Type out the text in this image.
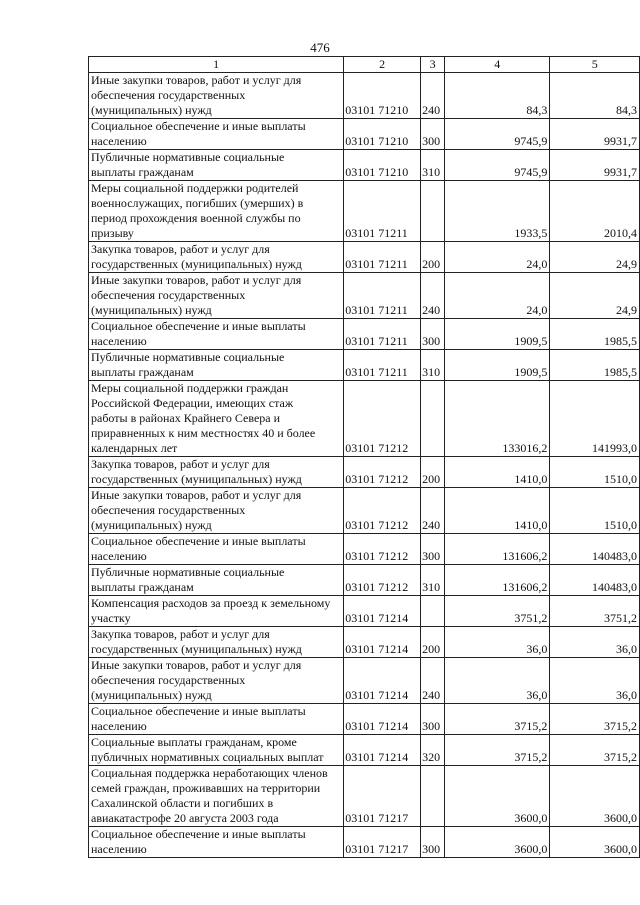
476
1	2	3	4	5
Иные закупки товаров, работ и услуг для
обеспечения государственных
(муниципальных) нужд	03101 71210	240	84,3	84,3
Социальное обеспечение и иные выплаты
населению	03101 71210	300	9745,9	9931,7
Публичные нормативные социальные
выплаты гражданам	03101 71210	310	9745,9	9931,7
Меры социальной поддержки родителей
военнослужащих, погибших (умерших) в
период прохождения военной службы по
призыву	03101 71211		1933,5	2010,4
Закупка товаров, работ и услуг для
государственных (муниципальных) нужд	03101 71211	200	24,0	24,9
Иные закупки товаров, работ и услуг для
обеспечения государственных
(муниципальных) нужд	03101 71211	240	24,0	24,9
Социальное обеспечение и иные выплаты
населению	03101 71211	300	1909,5	1985,5
Публичные нормативные социальные
выплаты гражданам	03101 71211	310	1909,5	1985,5
Меры социальной поддержки граждан
Российской Федерации, имеющих стаж
работы в районах Крайнего Севера и
приравненных к ним местностях 40 и более
календарных лет	03101 71212		133016,2	141993,0
Закупка товаров, работ и услуг для
государственных (муниципальных) нужд	03101 71212	200	1410,0	1510,0
Иные закупки товаров, работ и услуг для
обеспечения государственных
(муниципальных) нужд	03101 71212	240	1410,0	1510,0
Социальное обеспечение и иные выплаты
населению	03101 71212	300	131606,2	140483,0
Публичные нормативные социальные
выплаты гражданам	03101 71212	310	131606,2	140483,0
Компенсация расходов за проезд к земельному
участку	03101 71214		3751,2	3751,2
Закупка товаров, работ и услуг для
государственных (муниципальных) нужд	03101 71214	200	36,0	36,0
Иные закупки товаров, работ и услуг для
обеспечения государственных
(муниципальных) нужд	03101 71214	240	36,0	36,0
Социальное обеспечение и иные выплаты
населению	03101 71214	300	3715,2	3715,2
Социальные выплаты гражданам, кроме
публичных нормативных социальных выплат	03101 71214	320	3715,2	3715,2
Социальная поддержка неработающих членов
семей граждан, проживавших на территории
Сахалинской области и погибших в
авиакатастрофе 20 августа 2003 года	03101 71217		3600,0	3600,0
Социальное обеспечение и иные выплаты
населению	03101 71217	300	3600,0	3600,0
